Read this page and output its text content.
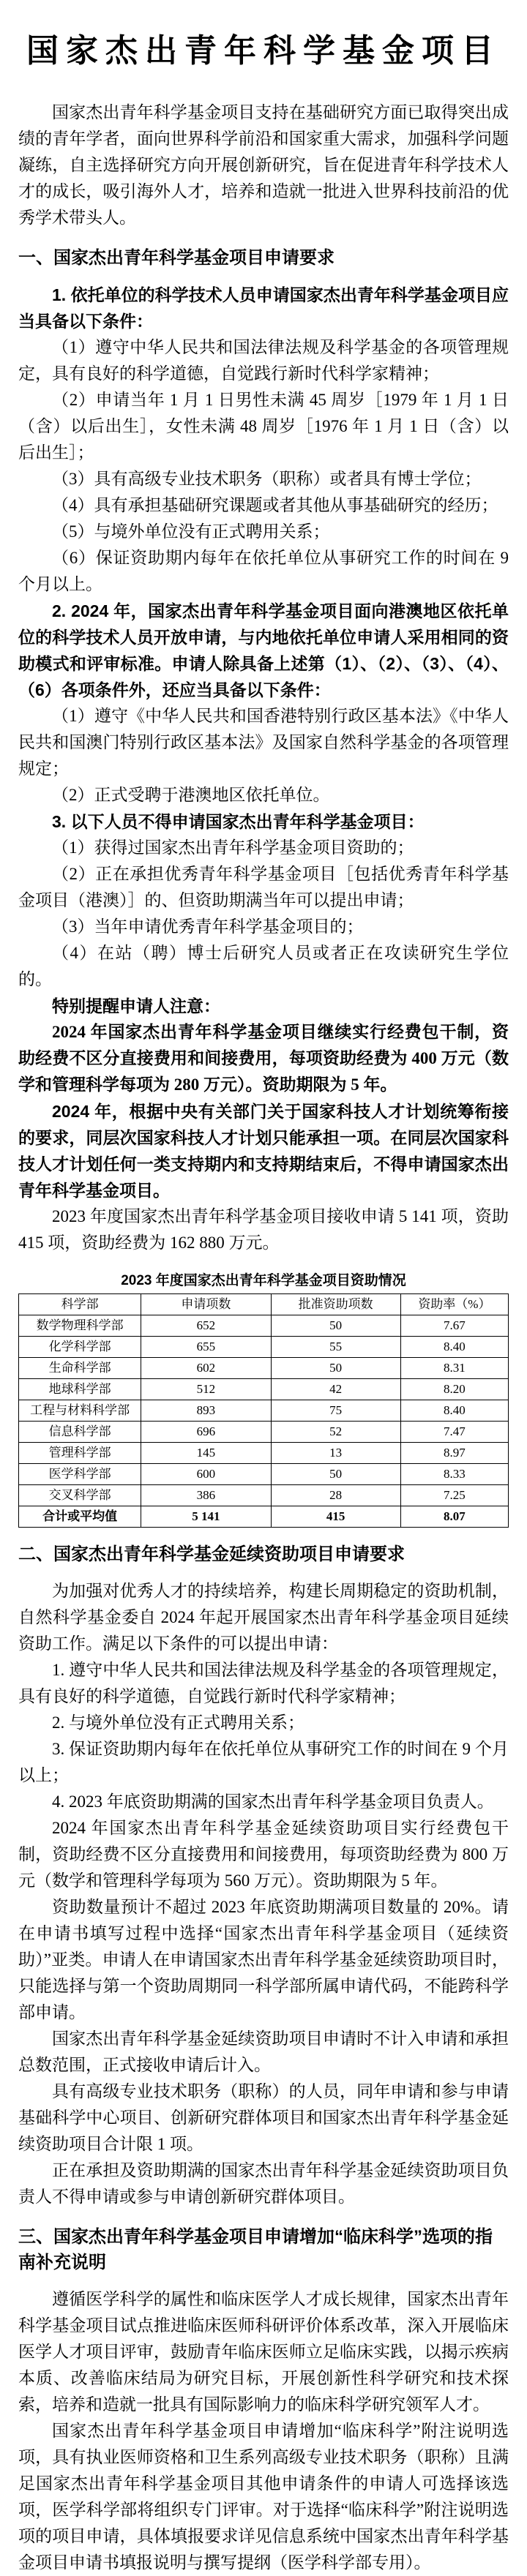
国家杰出青年科学基金项目

国家杰出青年科学基金项目支持在基础研究方面已取得突出成绩的青年学者，面向世界科学前沿和国家重大需求，加强科学问题凝练，自主选择研究方向开展创新研究，旨在促进青年科学技术人才的成长，吸引海外人才，培养和造就一批进入世界科技前沿的优秀学术带头人。

一、国家杰出青年科学基金项目申请要求

1. 依托单位的科学技术人员申请国家杰出青年科学基金项目应当具备以下条件：

（1）遵守中华人民共和国法律法规及科学基金的各项管理规定，具有良好的科学道德，自觉践行新时代科学家精神；

（2）申请当年 1 月 1 日男性未满 45 周岁［1979 年 1 月 1 日（含）以后出生］，女性未满 48 周岁［1976 年 1 月 1 日（含）以后出生］；

（3）具有高级专业技术职务（职称）或者具有博士学位；

（4）具有承担基础研究课题或者其他从事基础研究的经历；

（5）与境外单位没有正式聘用关系；

（6）保证资助期内每年在依托单位从事研究工作的时间在 9 个月以上。

2. 2024 年，国家杰出青年科学基金项目面向港澳地区依托单位的科学技术人员开放申请，与内地依托单位申请人采用相同的资助模式和评审标准。申请人除具备上述第（1）、（2）、（3）、（4）、（6）各项条件外，还应当具备以下条件：

（1）遵守《中华人民共和国香港特别行政区基本法》《中华人民共和国澳门特别行政区基本法》及国家自然科学基金的各项管理规定；

（2）正式受聘于港澳地区依托单位。

3. 以下人员不得申请国家杰出青年科学基金项目：

（1）获得过国家杰出青年科学基金项目资助的；

（2）正在承担优秀青年科学基金项目［包括优秀青年科学基金项目（港澳）］的、但资助期满当年可以提出申请；

（3）当年申请优秀青年科学基金项目的；

（4）在站（聘）博士后研究人员或者正在攻读研究生学位的。

特别提醒申请人注意：

2024 年国家杰出青年科学基金项目继续实行经费包干制，资助经费不区分直接费用和间接费用，每项资助经费为 400 万元（数学和管理科学每项为 280 万元）。资助期限为 5 年。

2024 年，根据中央有关部门关于国家科技人才计划统筹衔接的要求，同层次国家科技人才计划只能承担一项。在同层次国家科技人才计划任何一类支持期内和支持期结束后，不得申请国家杰出青年科学基金项目。

2023 年度国家杰出青年科学基金项目接收申请 5 141 项，资助 415 项，资助经费为 162 880 万元。

2023 年度国家杰出青年科学基金项目资助情况
科学部	申请项数	批准资助项数	资助率（%）
数学物理科学部	652	50	7.67
化学科学部	655	55	8.40
生命科学部	602	50	8.31
地球科学部	512	42	8.20
工程与材料科学部	893	75	8.40
信息科学部	696	52	7.47
管理科学部	145	13	8.97
医学科学部	600	50	8.33
交叉科学部	386	28	7.25
合计或平均值	5 141	415	8.07

二、国家杰出青年科学基金延续资助项目申请要求

为加强对优秀人才的持续培养，构建长周期稳定的资助机制，自然科学基金委自 2024 年起开展国家杰出青年科学基金项目延续资助工作。满足以下条件的可以提出申请：

1. 遵守中华人民共和国法律法规及科学基金的各项管理规定，具有良好的科学道德，自觉践行新时代科学家精神；

2. 与境外单位没有正式聘用关系；

3. 保证资助期内每年在依托单位从事研究工作的时间在 9 个月以上；

4. 2023 年底资助期满的国家杰出青年科学基金项目负责人。

2024 年国家杰出青年科学基金延续资助项目实行经费包干制，资助经费不区分直接费用和间接费用，每项资助经费为 800 万元（数学和管理科学每项为 560 万元）。资助期限为 5 年。

资助数量预计不超过 2023 年底资助期满项目数量的 20%。请在申请书填写过程中选择“国家杰出青年科学基金项目（延续资助）”亚类。申请人在申请国家杰出青年科学基金延续资助项目时，只能选择与第一个资助周期同一科学部所属申请代码，不能跨科学部申请。

国家杰出青年科学基金延续资助项目申请时不计入申请和承担总数范围，正式接收申请后计入。

具有高级专业技术职务（职称）的人员，同年申请和参与申请基础科学中心项目、创新研究群体项目和国家杰出青年科学基金延续资助项目合计限 1 项。

正在承担及资助期满的国家杰出青年科学基金延续资助项目负责人不得申请或参与申请创新研究群体项目。

三、国家杰出青年科学基金项目申请增加“临床科学”选项的指南补充说明

遵循医学科学的属性和临床医学人才成长规律，国家杰出青年科学基金项目试点推进临床医师科研评价体系改革，深入开展临床医学人才项目评审，鼓励青年临床医师立足临床实践，以揭示疾病本质、改善临床结局为研究目标，开展创新性科学研究和技术探索，培养和造就一批具有国际影响力的临床科学研究领军人才。

国家杰出青年科学基金项目申请增加“临床科学”附注说明选项，具有执业医师资格和卫生系列高级专业技术职务（职称）且满足国家杰出青年科学基金项目其他申请条件的申请人可选择该选项，医学科学部将组织专门评审。对于选择“临床科学”附注说明选项的项目申请，具体填报要求详见信息系统中国家杰出青年科学基金项目申请书填报说明与撰写提纲（医学科学部专用）。
